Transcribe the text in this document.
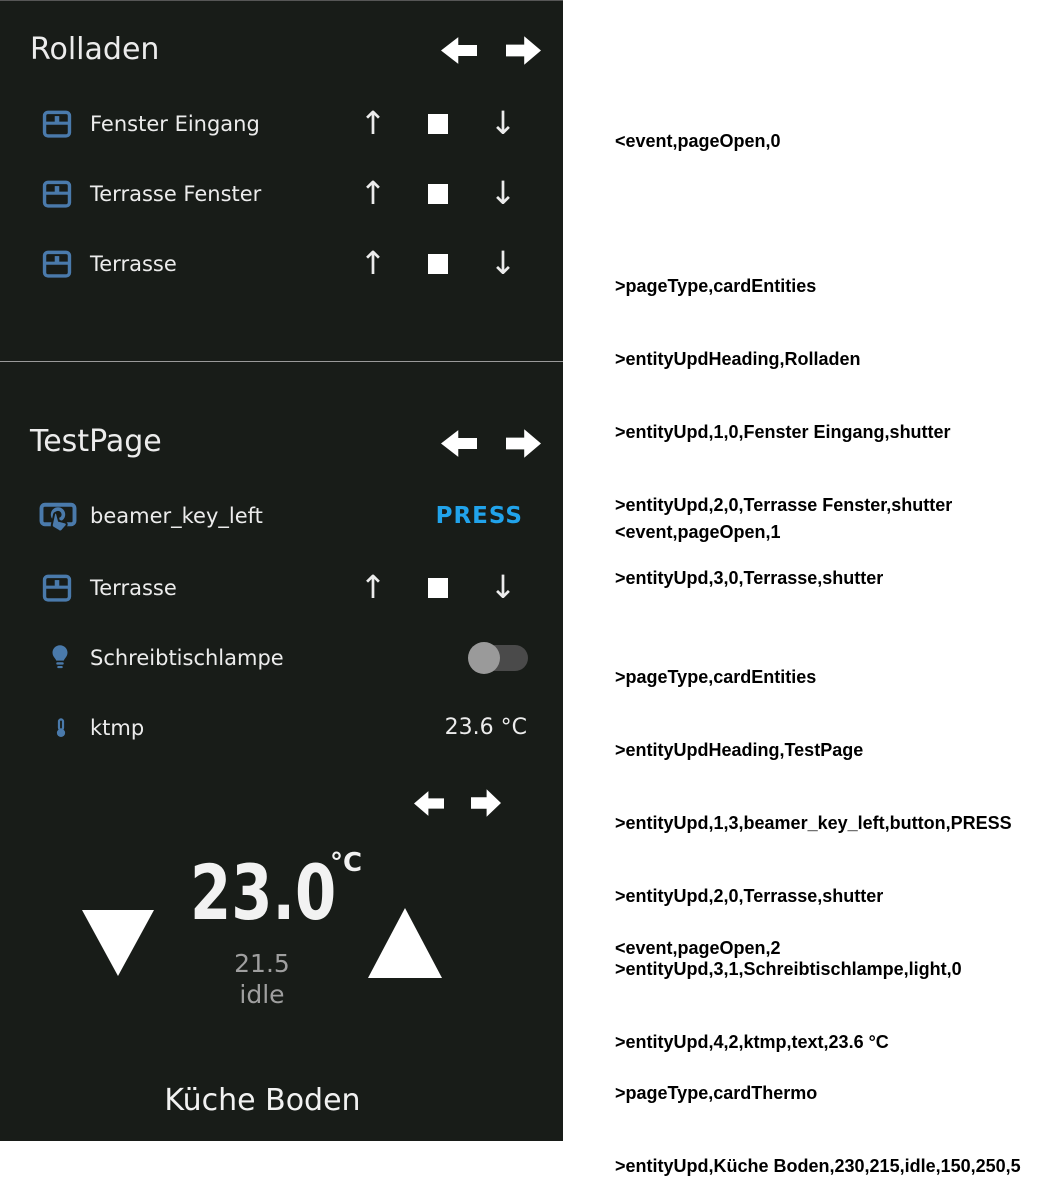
Rolladen
Fenster Eingang	↑	↓
Terrasse Fenster	↑	↓
Terrasse	↑	↓
TestPage
beamer_key_left	PRESS
Terrasse	↑	↓
Schreibtischlampe
ktmp	23.6 °C
23.0
°C
21.5
idle
Küche Boden

<event,pageOpen,0

>pageType,cardEntities

>entityUpdHeading,Rolladen

>entityUpd,1,0,Fenster Eingang,shutter

>entityUpd,2,0,Terrasse Fenster,shutter

>entityUpd,3,0,Terrasse,shutter

<event,pageOpen,1

>pageType,cardEntities

>entityUpdHeading,TestPage

>entityUpd,1,3,beamer_key_left,button,PRESS

>entityUpd,2,0,Terrasse,shutter

>entityUpd,3,1,Schreibtischlampe,light,0

>entityUpd,4,2,ktmp,text,23.6 °C

<event,pageOpen,2

>pageType,cardThermo

>entityUpd,Küche Boden,230,215,idle,150,250,5
